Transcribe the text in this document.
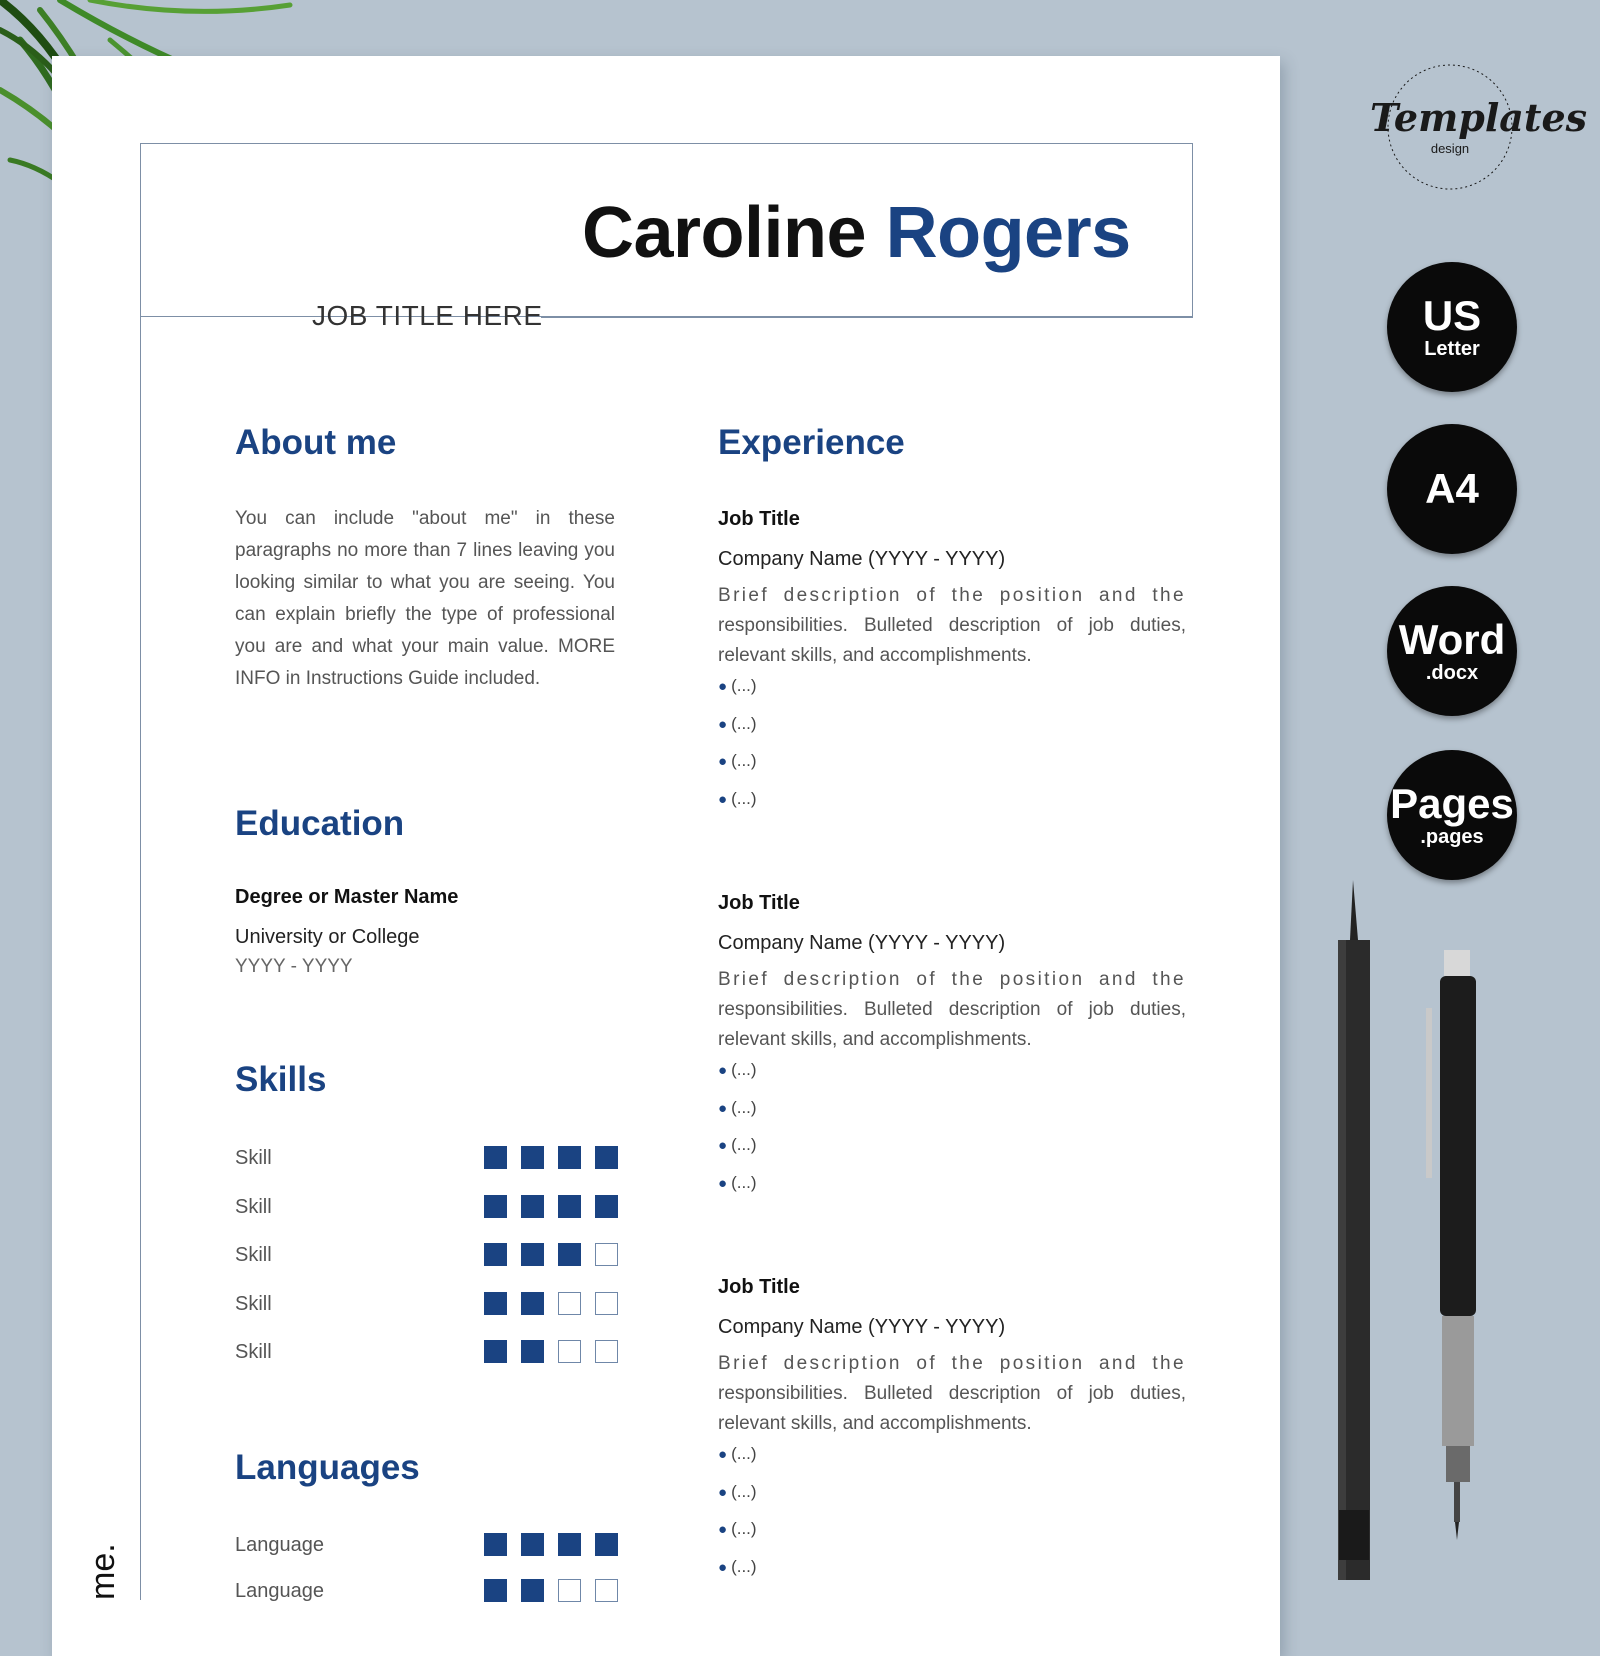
Caroline Rogers
JOB TITLE HERE
About me

You can include "about me" in these paragraphs no more than 7 lines leaving you looking similar to what you are seeing. You can explain briefly the type of professional you are and what your main value. MORE INFO in Instructions Guide included.

Education
Degree or Master Name
University or College
YYYY - YYYY
Skills
Skill
Skill
Skill
Skill
Skill
Languages
Language
Language
Experience
Job Title
Company Name (YYYY - YYYY)

Brief description of the position and the responsibilities. Bulleted description of job duties, relevant skills, and accomplishments.

● (...)
● (...)
● (...)
● (...)
Job Title
Company Name (YYYY - YYYY)

Brief description of the position and the responsibilities. Bulleted description of job duties, relevant skills, and accomplishments.

● (...)
● (...)
● (...)
● (...)
Job Title
Company Name (YYYY - YYYY)

Brief description of the position and the responsibilities. Bulleted description of job duties, relevant skills, and accomplishments.

● (...)
● (...)
● (...)
● (...)
me.

Templates

design

US
Letter
A4
Word
.docx
Pages
.pages
